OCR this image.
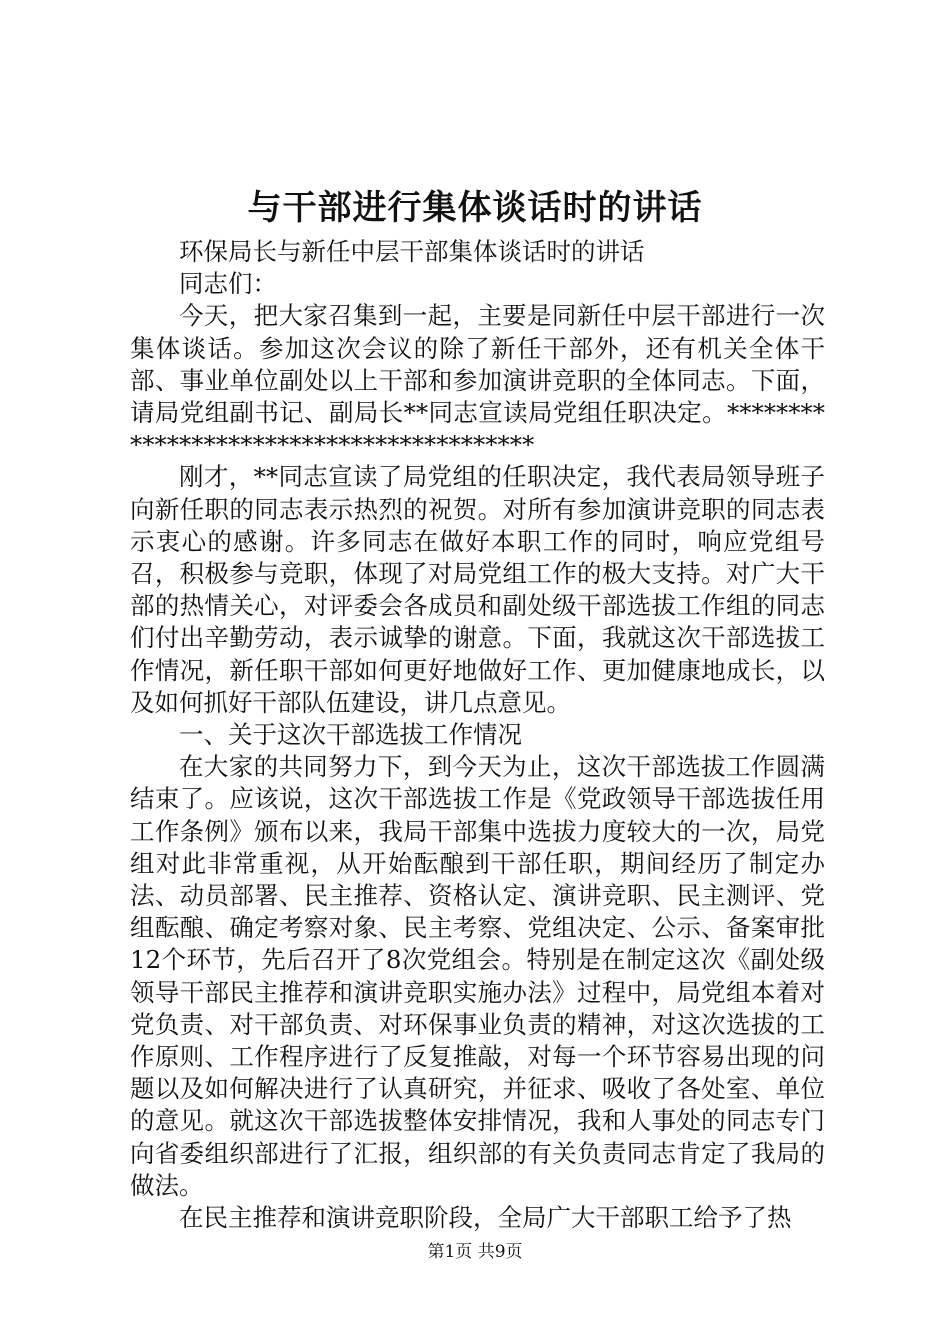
与干部进行集体谈话时的讲话

环保局长与新任中层干部集体谈话时的讲话

同志们：

今天，把大家召集到一起，主要是同新任中层干部进行一次集体谈话。参加这次会议的除了新任干部外，还有机关全体干部、事业单位副处以上干部和参加演讲竞职的全体同志。下面，请局党组副书记、副局长**同志宣读局党组任职决定。*****************************************

刚才，**同志宣读了局党组的任职决定，我代表局领导班子向新任职的同志表示热烈的祝贺。对所有参加演讲竞职的同志表示衷心的感谢。许多同志在做好本职工作的同时，响应党组号召，积极参与竞职，体现了对局党组工作的极大支持。对广大干部的热情关心，对评委会各成员和副处级干部选拔工作组的同志们付出辛勤劳动，表示诚挚的谢意。下面，我就这次干部选拔工作情况，新任职干部如何更好地做好工作、更加健康地成长，以及如何抓好干部队伍建设，讲几点意见。

一、关于这次干部选拔工作情况

在大家的共同努力下，到今天为止，这次干部选拔工作圆满结束了。应该说，这次干部选拔工作是《党政领导干部选拔任用工作条例》颁布以来，我局干部集中选拔力度较大的一次，局党组对此非常重视，从开始酝酿到干部任职，期间经历了制定办法、动员部署、民主推荐、资格认定、演讲竞职、民主测评、党组酝酿、确定考察对象、民主考察、党组决定、公示、备案审批12个环节，先后召开了8次党组会。特别是在制定这次《副处级领导干部民主推荐和演讲竞职实施办法》过程中，局党组本着对党负责、对干部负责、对环保事业负责的精神，对这次选拔的工作原则、工作程序进行了反复推敲，对每一个环节容易出现的问题以及如何解决进行了认真研究，并征求、吸收了各处室、单位的意见。就这次干部选拔整体安排情况，我和人事处的同志专门向省委组织部进行了汇报，组织部的有关负责同志肯定了我局的做法。

在民主推荐和演讲竞职阶段，全局广大干部职工给予了热

第1页 共9页
